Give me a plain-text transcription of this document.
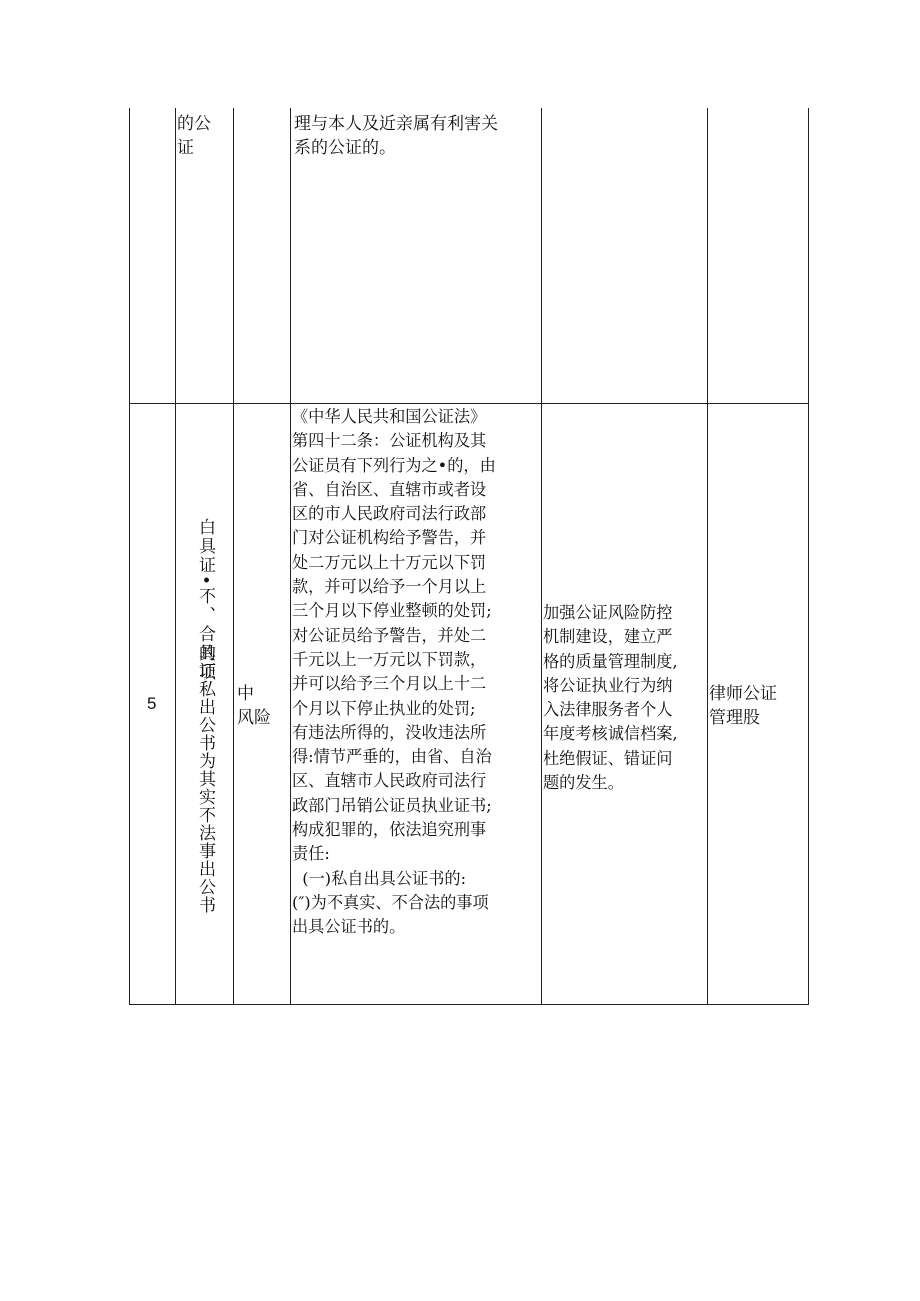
的公
证
理与本人及近亲属有利害关
系的公证的。
5
白具证•不、合的项

具证私出公书为其实不法事出公书

中
风险
《中华人民共和国公证法》
第四十二条：公证机构及其
公证员有下列行为之•的，由
省、自治区、直辖市或者设
区的市人民政府司法行政部
门对公证机构给予警告，并
处二万元以上十万元以下罚
款，并可以给予一个月以上
三个月以下停业整顿的处罚;
对公证员给予警告，并处二
千元以上一万元以下罚款，
并可以给予三个月以上十二
个月以下停止执业的处罚;
有违法所得的，没收违法所
得:情节严垂的，由省、自治
区、直辖市人民政府司法行
政部门吊销公证员执业证书;
构成犯罪的，依法追究刑事
责任:
(一)私自出具公证书的:
(″)为不真实、不合法的事项
出具公证书的。
加强公证风险防控
机制建设，建立严
格的质量管理制度,
将公证执业行为纳
入法律服务者个人
年度考核诚信档案,
杜绝假证、错证问
题的发生。
律师公证
管理股
